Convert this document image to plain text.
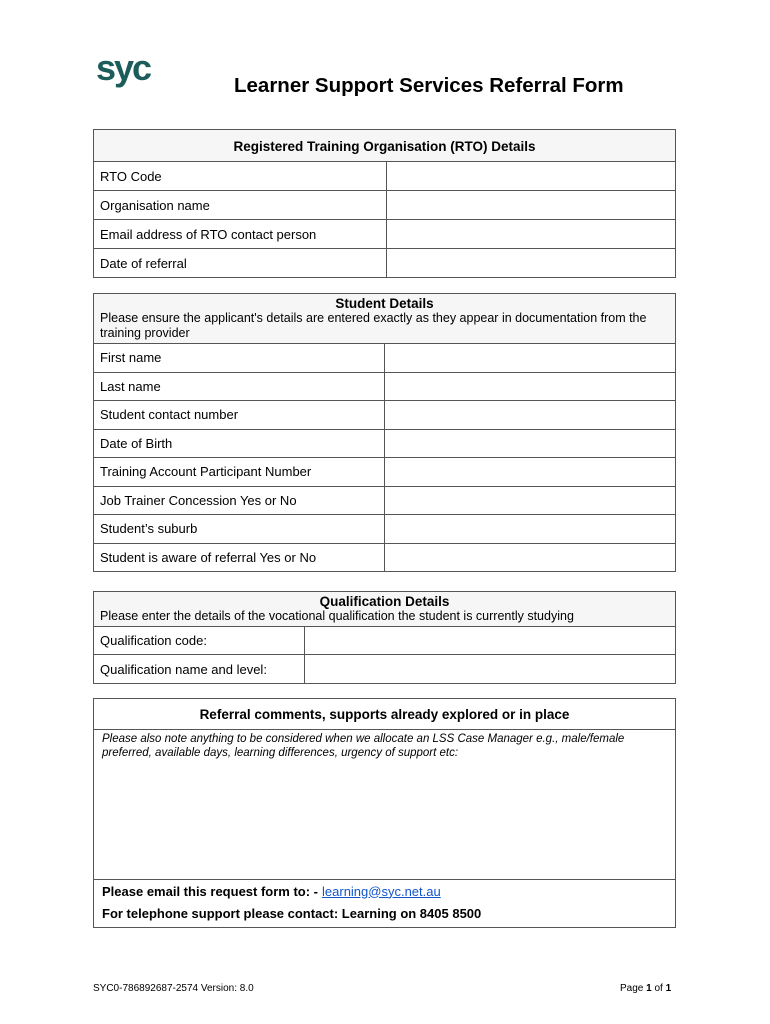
syc	Learner Support Services Referral Form
Registered Training Organisation (RTO) Details
RTO Code
Organisation name
Email address of RTO contact person
Date of referral
Student Details
Please ensure the applicant's details are entered exactly as they appear in documentation from the training provider
First name
Last name
Student contact number
Date of Birth
Training Account Participant Number
Job Trainer Concession Yes or No
Student’s suburb
Student is aware of referral Yes or No
Qualification Details
Please enter the details of the vocational qualification the student is currently studying
Qualification code:
Qualification name and level:
Referral comments, supports already explored or in place
Please also note anything to be considered when we allocate an LSS Case Manager e.g., male/female preferred, available days, learning differences, urgency of support etc:
Please email this request form to: - learning@syc.net.au
For telephone support please contact: Learning on 8405 8500
SYC0-786892687-2574 Version: 8.0	Page 1 of 1
